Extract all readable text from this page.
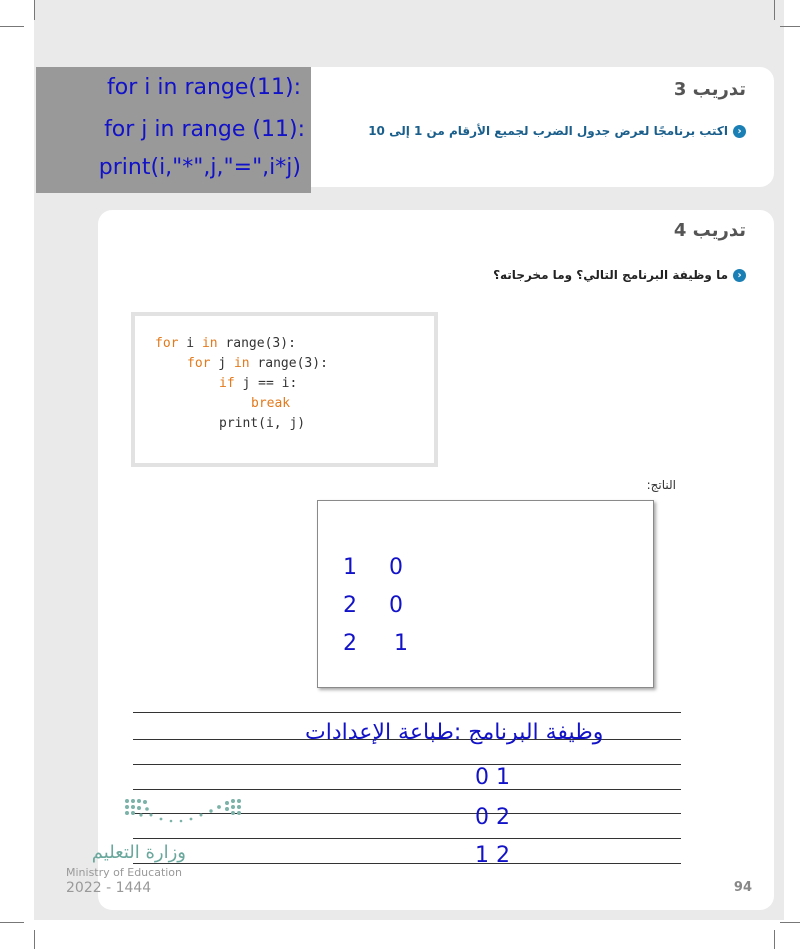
تدريب 3
‹اكتب برنامجًا لعرض جدول الضرب لجميع الأرقام من 1 إلى 10
for i in range(11):
for j in range (11):
print(i,"*",j,"=",i*j)
تدريب 4
‹ما وظيفة البرنامج التالي؟ وما مخرجاته؟
الناتج:
94
for i in range(3):
for j in range(3):
if j == i:
break
print(i, j)
1 0
2 0
2 1
وظيفة البرنامج :طباعة الإعدادات
0 1
0 2
1 2
وزارة التعليم
Ministry of Education
2022 - 1444
